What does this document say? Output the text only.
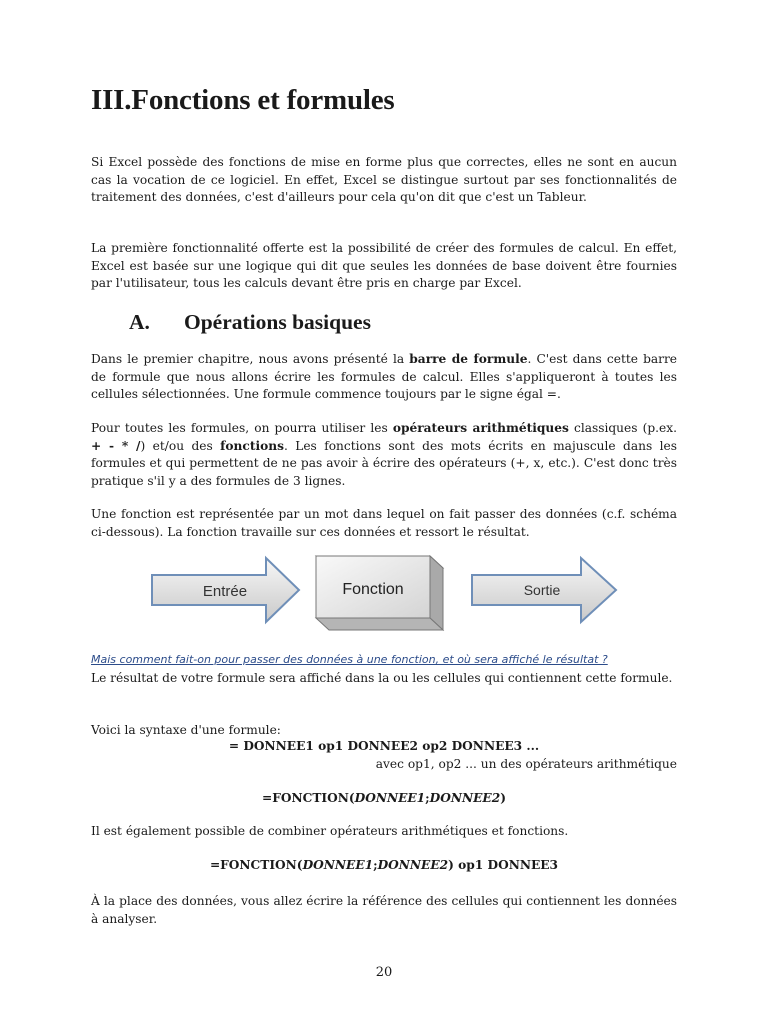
III.Fonctions et formules

Si Excel possède des fonctions de mise en forme plus que correctes, elles ne sont en aucun cas la vocation de ce logiciel. En effet, Excel se distingue surtout par ses fonctionnalités de traitement des données, c'est d'ailleurs pour cela qu'on dit que c'est un Tableur.

La première fonctionnalité offerte est la possibilité de créer des formules de calcul. En effet, Excel est basée sur une logique qui dit que seules les données de base doivent être fournies par l'utilisateur, tous les calculs devant être pris en charge par Excel.

A. Opérations basiques

Dans le premier chapitre, nous avons présenté la barre de formule. C'est dans cette barre de formule que nous allons écrire les formules de calcul. Elles s'appliqueront à toutes les cellules sélectionnées. Une formule commence toujours par le signe égal =.

Pour toutes les formules, on pourra utiliser les opérateurs arithmétiques classiques (p.ex. + - * /) et/ou des fonctions. Les fonctions sont des mots écrits en majuscule dans les formules et qui permettent de ne pas avoir à écrire des opérateurs (+, x, etc.). C'est donc très pratique s'il y a des formules de 3 lignes.

Une fonction est représentée par un mot dans lequel on fait passer des données (c.f. schéma ci-dessous). La fonction travaille sur ces données et ressort le résultat.

Entrée	Fonction	Sortie

Mais comment fait-on pour passer des données à une fonction, et où sera affiché le résultat ?

Le résultat de votre formule sera affiché dans la ou les cellules qui contiennent cette formule.

Voici la syntaxe d'une formule:

= DONNEE1 op1 DONNEE2 op2 DONNEE3 ...

avec op1, op2 ... un des opérateurs arithmétique

=FONCTION(DONNEE1;DONNEE2)

Il est également possible de combiner opérateurs arithmétiques et fonctions.

=FONCTION(DONNEE1;DONNEE2) op1 DONNEE3

À la place des données, vous allez écrire la référence des cellules qui contiennent les données à analyser.

20
